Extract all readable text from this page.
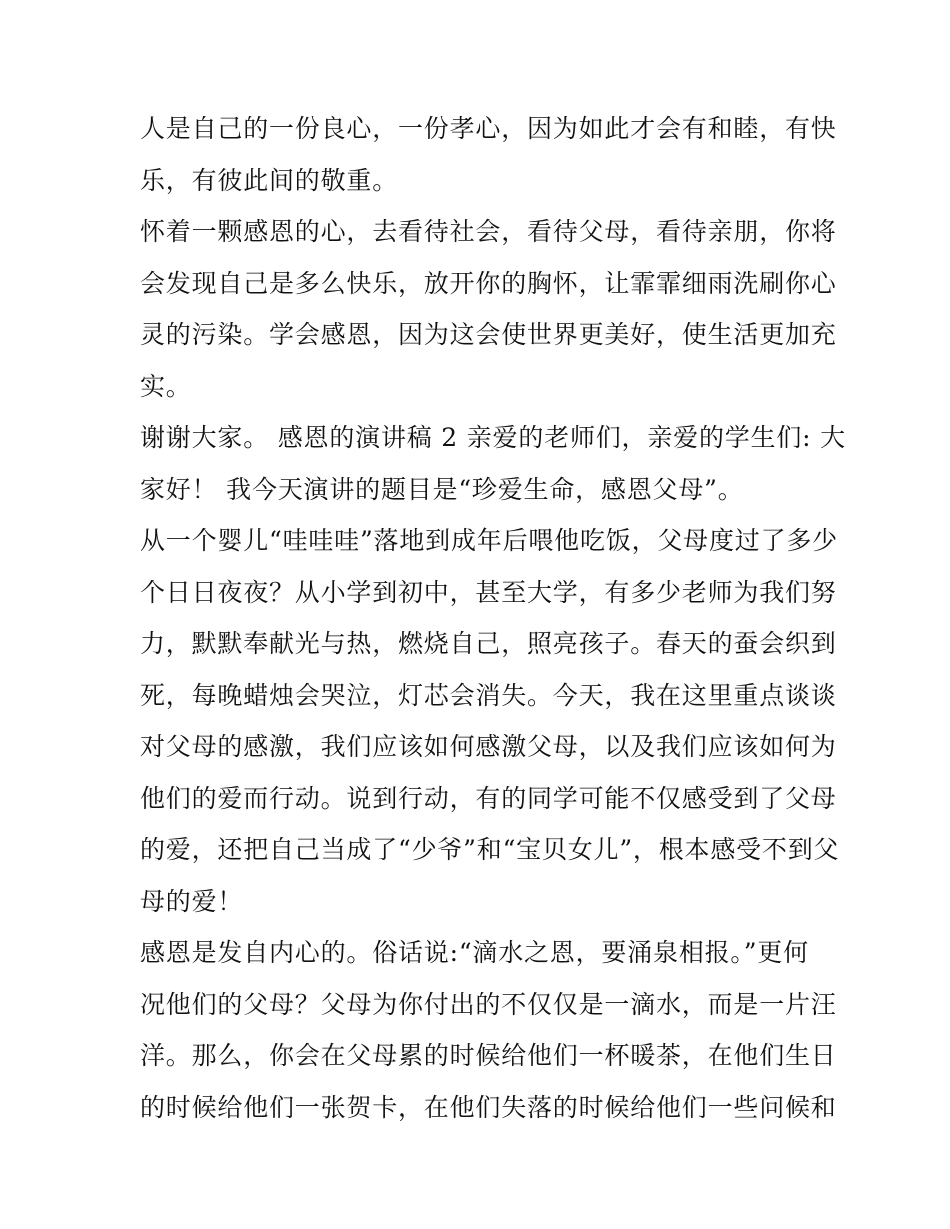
人是自己的一份良心，一份孝心，因为如此才会有和睦，有快
乐，有彼此间的敬重。
怀着一颗感恩的心，去看待社会，看待父母，看待亲朋，你将
会发现自己是多么快乐，放开你的胸怀，让霏霏细雨洗刷你心
灵的污染。学会感恩，因为这会使世界更美好，使生活更加充
实。
谢谢大家。 感恩的演讲稿 2 亲爱的老师们，亲爱的学生们: 大
家好！ 我今天演讲的题目是“珍爱生命，感恩父母”。
从一个婴儿“哇哇哇”落地到成年后喂他吃饭，父母度过了多少
个日日夜夜？从小学到初中，甚至大学，有多少老师为我们努
力，默默奉献光与热，燃烧自己，照亮孩子。春天的蚕会织到
死，每晚蜡烛会哭泣，灯芯会消失。今天，我在这里重点谈谈
对父母的感激，我们应该如何感激父母，以及我们应该如何为
他们的爱而行动。说到行动，有的同学可能不仅感受到了父母
的爱，还把自己当成了“少爷”和“宝贝女儿”，根本感受不到父
母的爱！
感恩是发自内心的。俗话说:“滴水之恩，要涌泉相报。”更何
况他们的父母？父母为你付出的不仅仅是一滴水，而是一片汪
洋。那么，你会在父母累的时候给他们一杯暖茶，在他们生日
的时候给他们一张贺卡，在他们失落的时候给他们一些问候和
